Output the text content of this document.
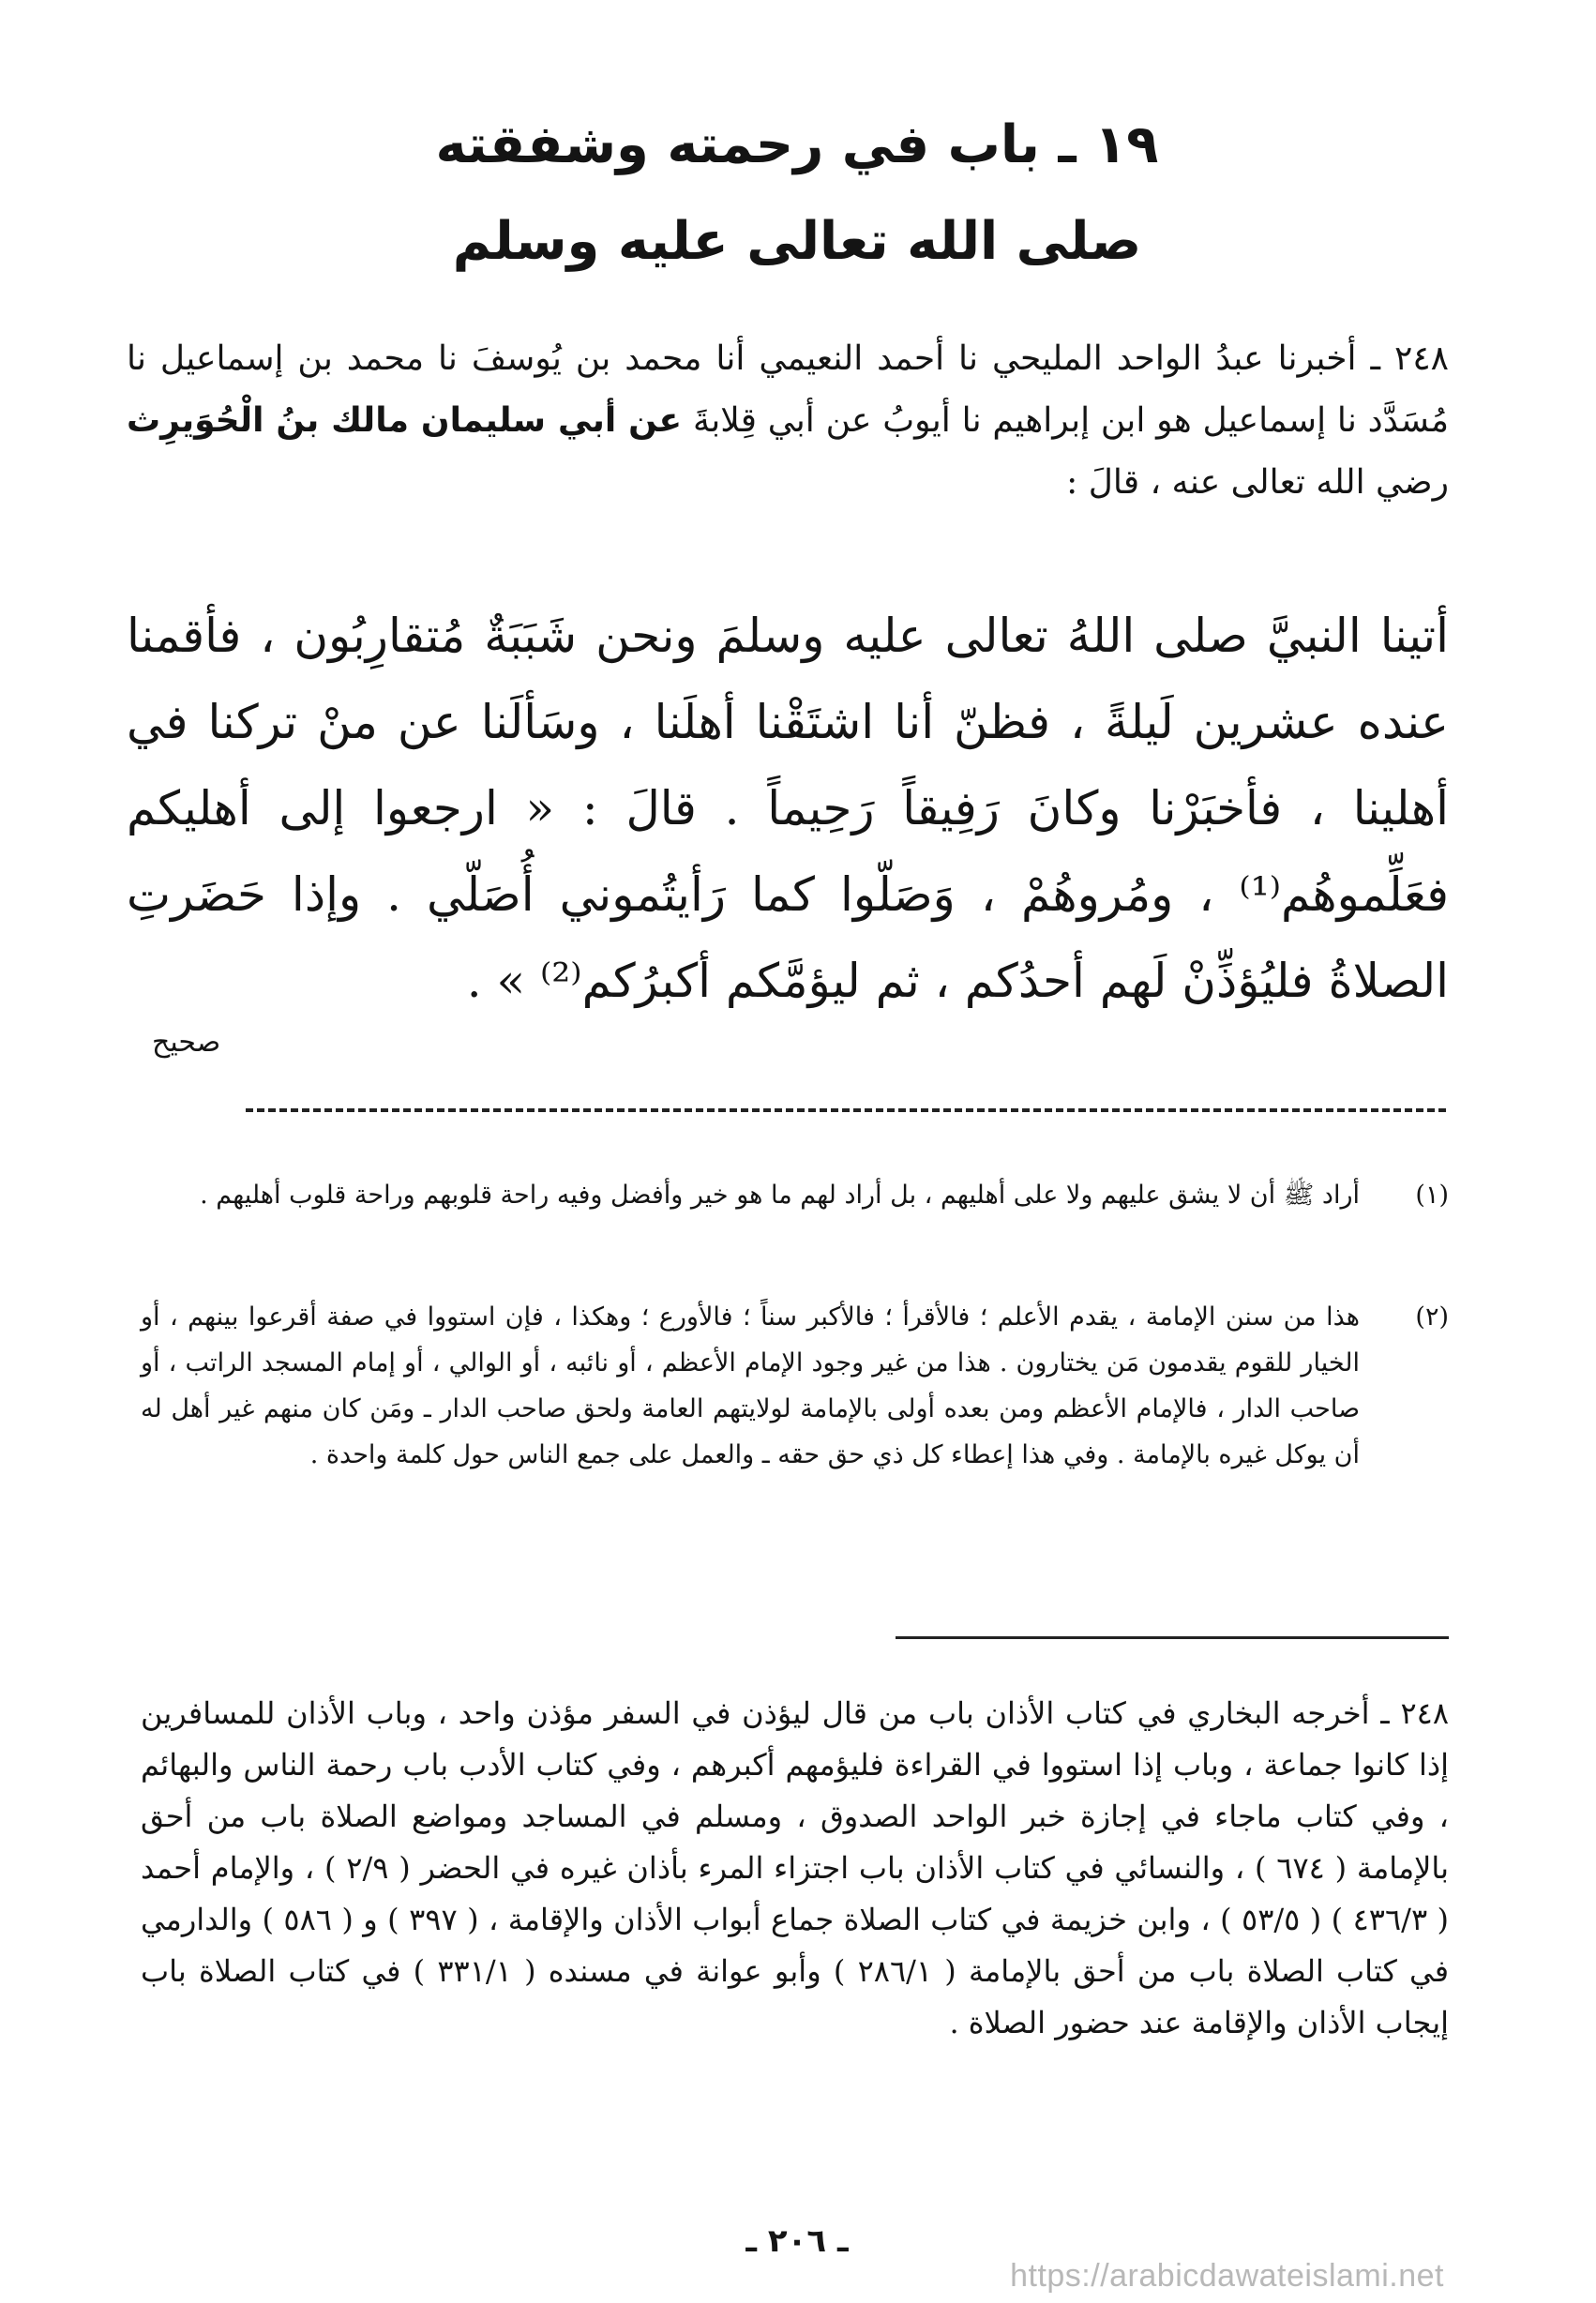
١٩ ـ باب في رحمته وشفقته
صلى الله تعالى عليه وسلم
٢٤٨ ـ أخبرنا عبدُ الواحد المليحي نا أحمد النعيمي أنا محمد بن يُوسفَ نا محمد بن إسماعيل نا مُسَدَّد نا إسماعيل هو ابن إبراهيم نا أيوبُ عن أبي قِلابةَ عن أبي سليمان مالك بنُ الْحُوَيرِث رضي الله تعالى عنه ، قالَ :
أتينا النبيَّ صلى اللهُ تعالى عليه وسلمَ ونحن شَبَبَةٌ مُتقارِبُون ، فأقمنا عنده عشرين لَيلةً ، فظنّ أنا اشتَقْنا أهلَنا ، وسَألَنا عن منْ تركنا في أهلينا ، فأخبَرْنا وكانَ رَفِيقاً رَحِيماً . قالَ : « ارجعوا إلى أهليكم فعَلِّموهُم⁽¹⁾ ، ومُروهُمْ ، وَصَلّوا كما رَأيتُموني أُصَلّي . وإذا حَضَرتِ الصلاةُ فليُؤذِّنْ لَهم أحدُكم ، ثم ليؤمَّكم أكبرُكم⁽²⁾ » .
صحيح
(١)
أراد ﷺ أن لا يشق عليهم ولا على أهليهم ، بل أراد لهم ما هو خير وأفضل وفيه راحة قلوبهم وراحة قلوب أهليهم .
(٢)
هذا من سنن الإمامة ، يقدم الأعلم ؛ فالأقرأ ؛ فالأكبر سناً ؛ فالأورع ؛ وهكذا ، فإن استووا في صفة أقرعوا بينهم ، أو الخيار للقوم يقدمون مَن يختارون . هذا من غير وجود الإمام الأعظم ، أو نائبه ، أو الوالي ، أو إمام المسجد الراتب ، أو صاحب الدار ، فالإمام الأعظم ومن بعده أولى بالإمامة لولايتهم العامة ولحق صاحب الدار ـ ومَن كان منهم غير أهل له أن يوكل غيره بالإمامة . وفي هذا إعطاء كل ذي حق حقه ـ والعمل على جمع الناس حول كلمة واحدة .
٢٤٨ ـ أخرجه البخاري في كتاب الأذان باب من قال ليؤذن في السفر مؤذن واحد ، وباب الأذان للمسافرين إذا كانوا جماعة ، وباب إذا استووا في القراءة فليؤمهم أكبرهم ، وفي كتاب الأدب باب رحمة الناس والبهائم ، وفي كتاب ماجاء في إجازة خبر الواحد الصدوق ، ومسلم في المساجد ومواضع الصلاة باب من أحق بالإمامة ( ٦٧٤ ) ، والنسائي في كتاب الأذان باب اجتزاء المرء بأذان غيره في الحضر ( ٢/٩ ) ، والإمام أحمد ( ٤٣٦/٣ ) ( ٥٣/٥ ) ، وابن خزيمة في كتاب الصلاة جماع أبواب الأذان والإقامة ، ( ٣٩٧ ) و ( ٥٨٦ ) والدارمي في كتاب الصلاة باب من أحق بالإمامة ( ٢٨٦/١ ) وأبو عوانة في مسنده ( ٣٣١/١ ) في كتاب الصلاة باب إيجاب الأذان والإقامة عند حضور الصلاة .
ـ ٢٠٦ ـ
https://arabicdawateislami.net
